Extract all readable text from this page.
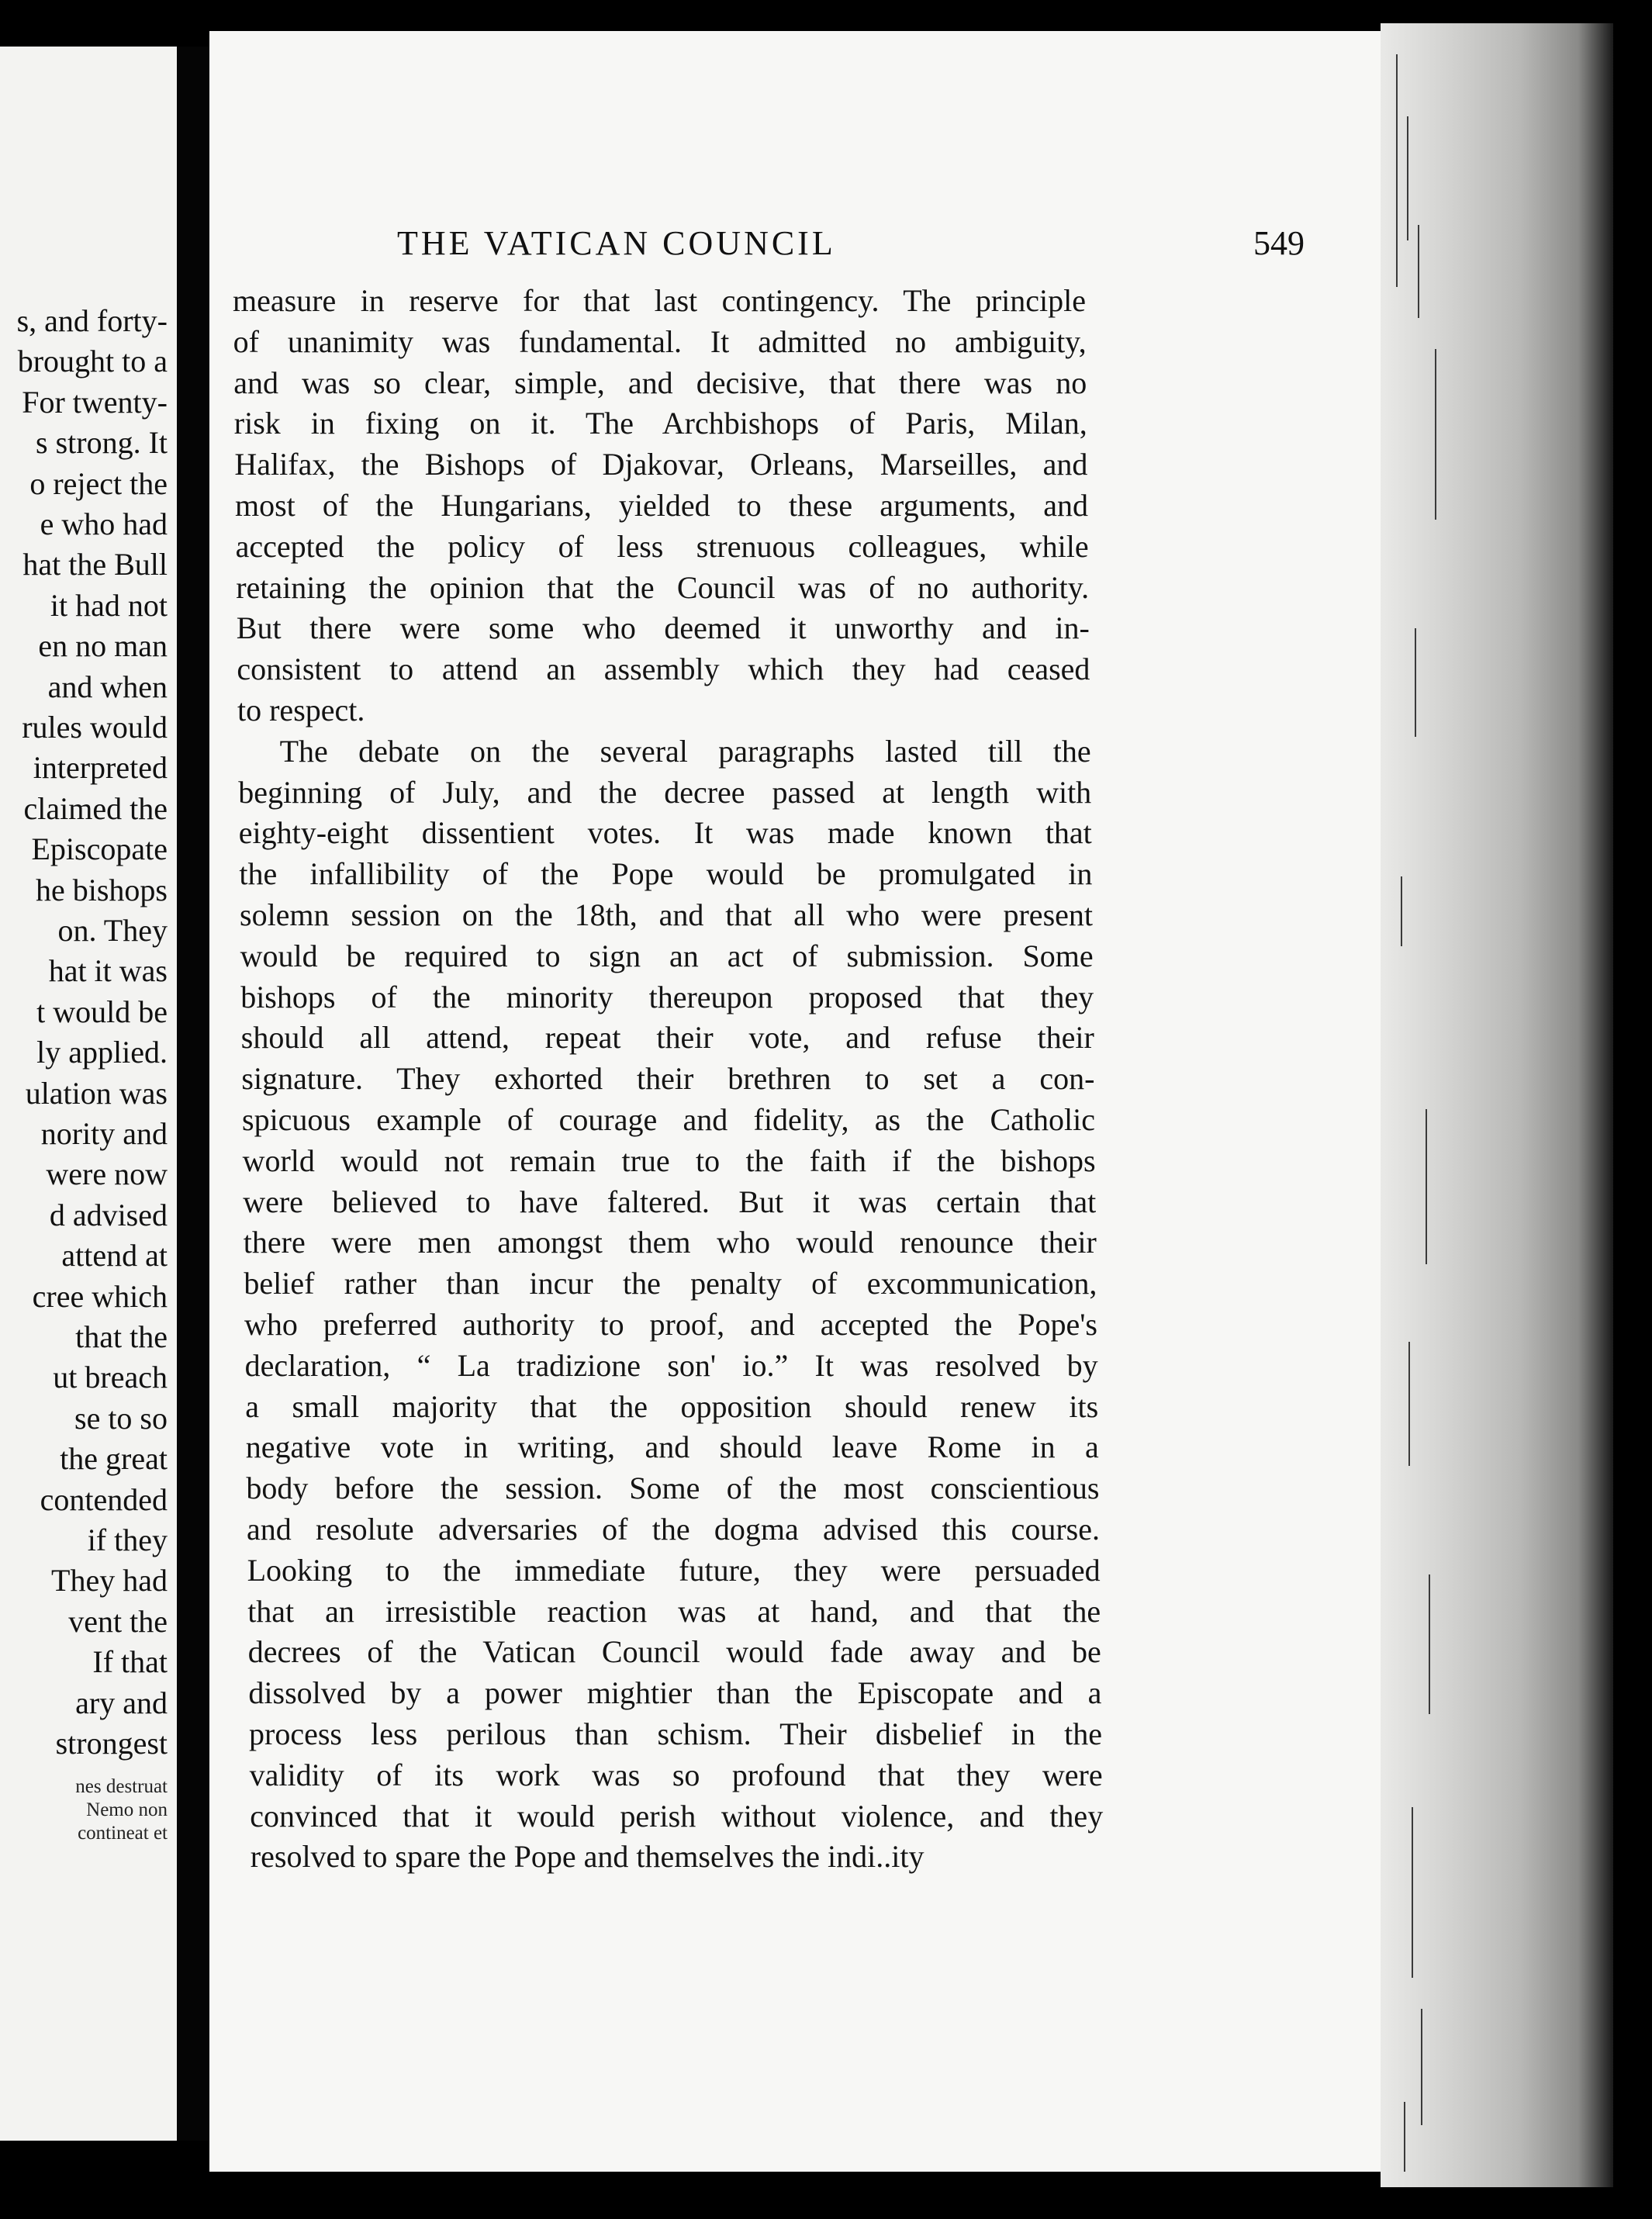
s, and forty-
brought to a
For twenty-
s strong. It
o reject the
e who had
hat the Bull
it had not
en no man
and when
rules would
interpreted
claimed the
Episcopate
he bishops
on. They
hat it was
t would be
ly applied.
ulation was
nority and
were now
d advised
attend at
cree which
that the
ut breach
se to so
the great
contended
if they
They had
vent the
If that
ary and
strongest
nes destruat
Nemo non
contineat et
THE VATICAN COUNCIL	549
measure in reserve for that last contingency. The principle
of unanimity was fundamental. It admitted no ambiguity,
and was so clear, simple, and decisive, that there was no
risk in fixing on it. The Archbishops of Paris, Milan,
Halifax, the Bishops of Djakovar, Orleans, Marseilles, and
most of the Hungarians, yielded to these arguments, and
accepted the policy of less strenuous colleagues, while
retaining the opinion that the Council was of no authority.
But there were some who deemed it unworthy and in-
consistent to attend an assembly which they had ceased
to respect.
The debate on the several paragraphs lasted till the
beginning of July, and the decree passed at length with
eighty-eight dissentient votes. It was made known that
the infallibility of the Pope would be promulgated in
solemn session on the 18th, and that all who were present
would be required to sign an act of submission. Some
bishops of the minority thereupon proposed that they
should all attend, repeat their vote, and refuse their
signature. They exhorted their brethren to set a con-
spicuous example of courage and fidelity, as the Catholic
world would not remain true to the faith if the bishops
were believed to have faltered. But it was certain that
there were men amongst them who would renounce their
belief rather than incur the penalty of excommunication,
who preferred authority to proof, and accepted the Pope's
declaration, “ La tradizione son' io.” It was resolved by
a small majority that the opposition should renew its
negative vote in writing, and should leave Rome in a
body before the session. Some of the most conscientious
and resolute adversaries of the dogma advised this course.
Looking to the immediate future, they were persuaded
that an irresistible reaction was at hand, and that the
decrees of the Vatican Council would fade away and be
dissolved by a power mightier than the Episcopate and a
process less perilous than schism. Their disbelief in the
validity of its work was so profound that they were
convinced that it would perish without violence, and they
resolved to spare the Pope and themselves the indi..ity
